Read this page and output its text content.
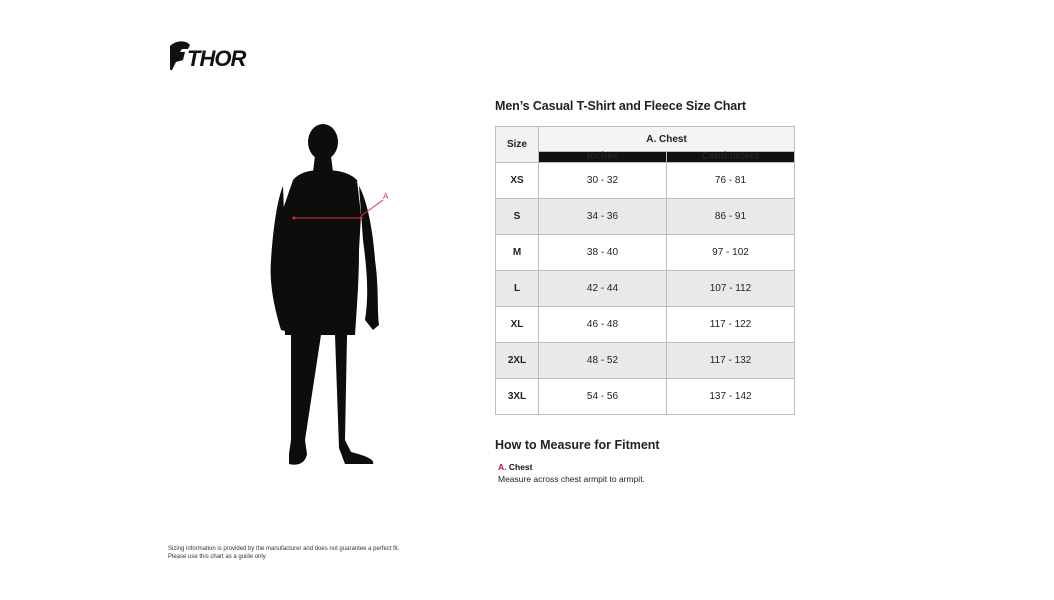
THOR
A
Men’s Casual T-Shirt and Fleece Size Chart
Size	A. Chest	
	Inches	Centimeters
XS	30 - 32	76 - 81
S	34 - 36	86 - 91
M	38 - 40	97 - 102
L	42 - 44	107 - 112
XL	46 - 48	117 - 122
2XL	48 - 52	117 - 132
3XL	54 - 56	137 - 142
How to Measure for Fitment
A. Chest
Measure across chest armpit to armpit.
Sizing information is provided by the manufacturer and does not guarantee a perfect fit.
Please use this chart as a guide only
